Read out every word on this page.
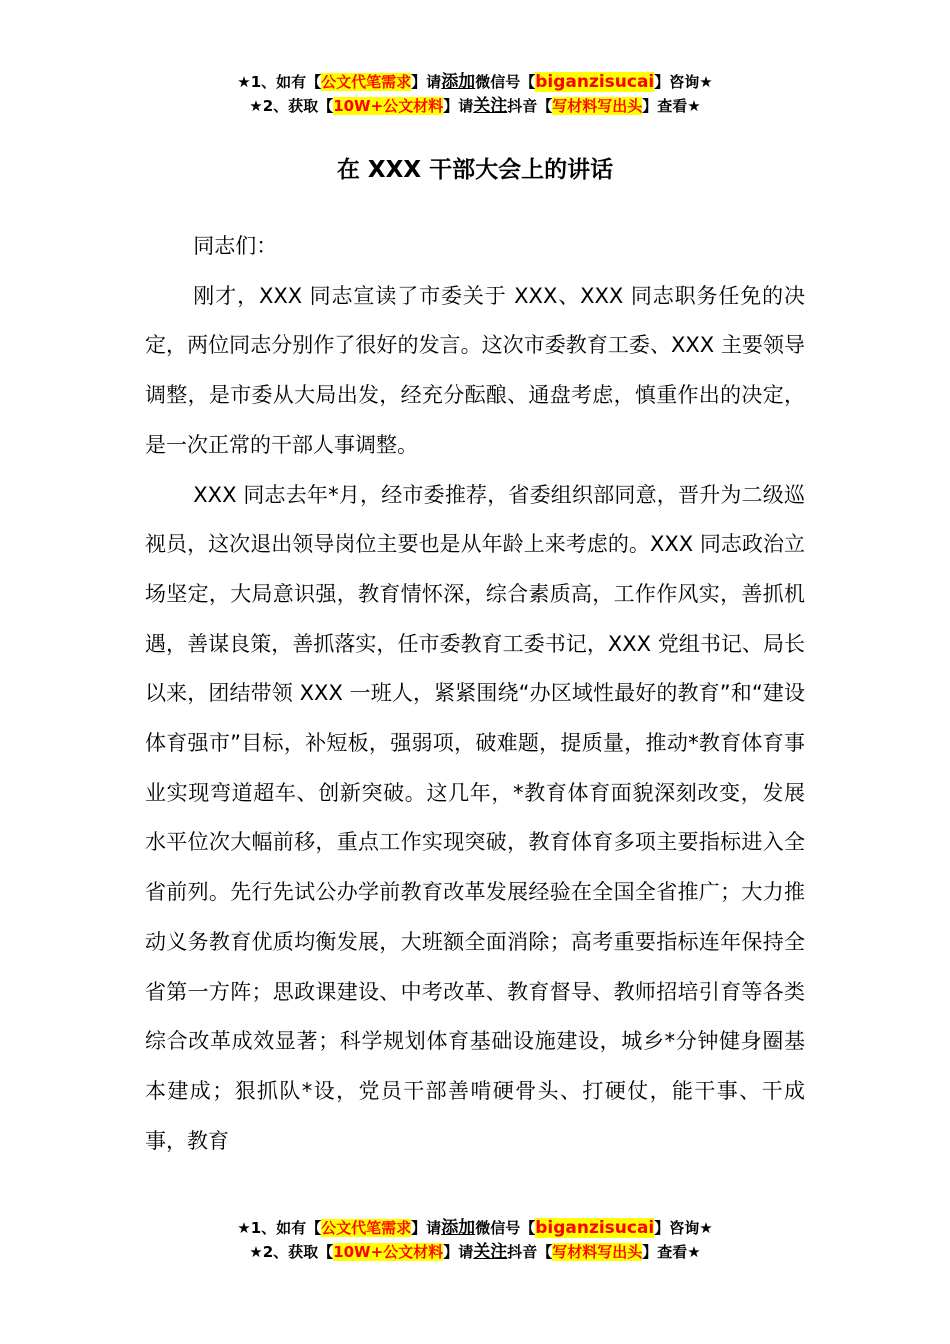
★1、如有【公文代笔需求】请添加微信号【biganzisucai】咨询★
★2、获取【10W+公文材料】请关注抖音【写材料写出头】查看★
在 XXX 干部大会上的讲话

同志们：

刚才，XXX 同志宣读了市委关于 XXX、XXX 同志职务任免的决定，两位同志分别作了很好的发言。这次市委教育工委、XXX 主要领导调整，是市委从大局出发，经充分酝酿、通盘考虑，慎重作出的决定，是一次正常的干部人事调整。

XXX 同志去年*月，经市委推荐，省委组织部同意，晋升为二级巡视员，这次退出领导岗位主要也是从年龄上来考虑的。XXX 同志政治立场坚定，大局意识强，教育情怀深，综合素质高，工作作风实，善抓机遇，善谋良策，善抓落实，任市委教育工委书记，XXX 党组书记、局长以来，团结带领 XXX 一班人，紧紧围绕“办区域性最好的教育”和“建设体育强市”目标，补短板，强弱项，破难题，提质量，推动*教育体育事业实现弯道超车、创新突破。这几年，*教育体育面貌深刻改变，发展水平位次大幅前移，重点工作实现突破，教育体育多项主要指标进入全省前列。先行先试公办学前教育改革发展经验在全国全省推广；大力推动义务教育优质均衡发展，大班额全面消除；高考重要指标连年保持全省第一方阵；思政课建设、中考改革、教育督导、教师招培引育等各类综合改革成效显著；科学规划体育基础设施建设，城乡*分钟健身圈基本建成；狠抓队*设，党员干部善啃硬骨头、打硬仗，能干事、干成事，教育

★1、如有【公文代笔需求】请添加微信号【biganzisucai】咨询★
★2、获取【10W+公文材料】请关注抖音【写材料写出头】查看★
